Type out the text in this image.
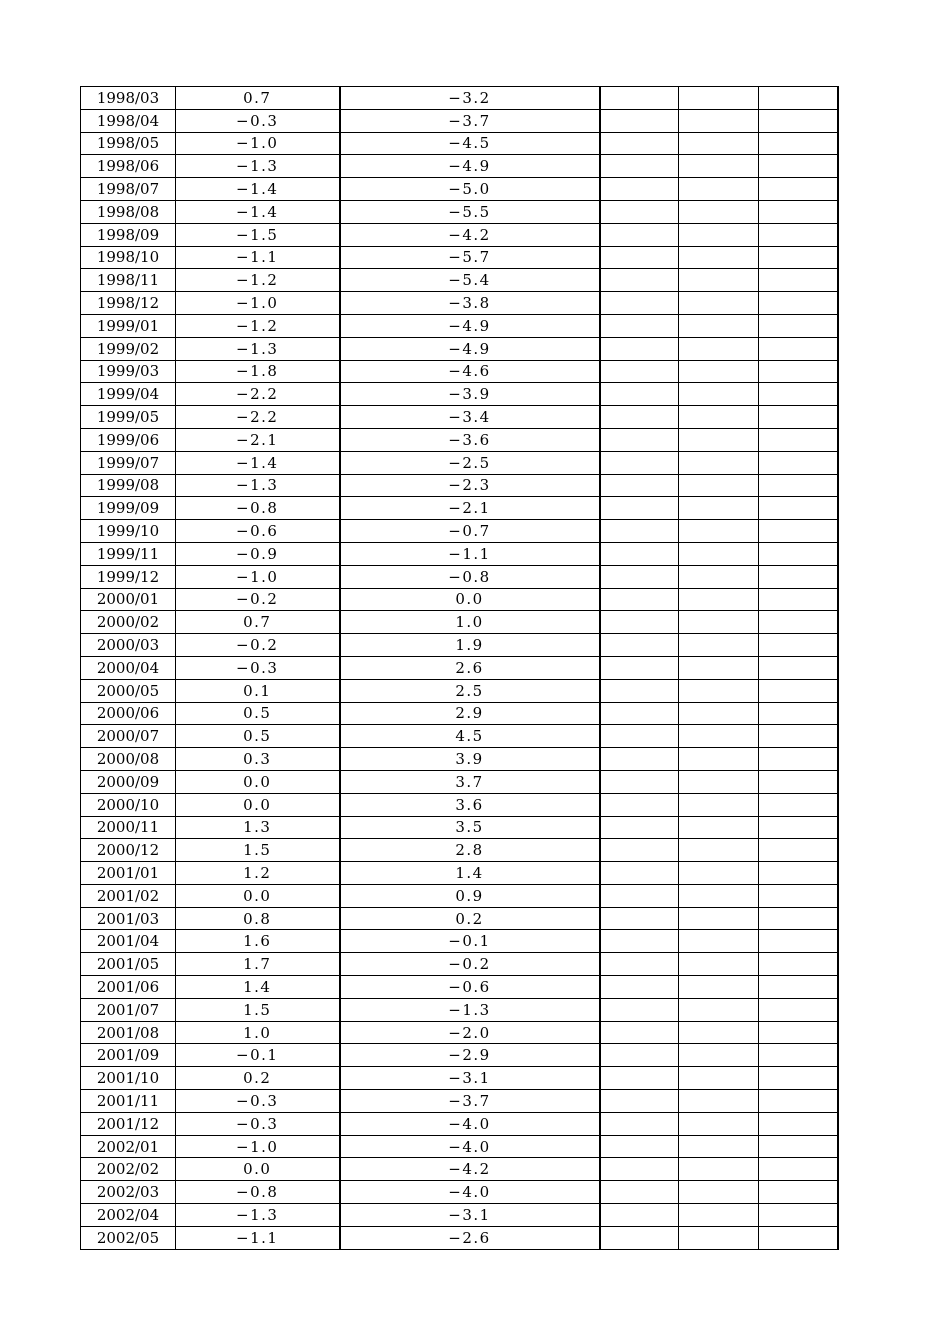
1998/03	0.7	−3.2			
1998/04	−0.3	−3.7			
1998/05	−1.0	−4.5			
1998/06	−1.3	−4.9			
1998/07	−1.4	−5.0			
1998/08	−1.4	−5.5			
1998/09	−1.5	−4.2			
1998/10	−1.1	−5.7			
1998/11	−1.2	−5.4			
1998/12	−1.0	−3.8			
1999/01	−1.2	−4.9			
1999/02	−1.3	−4.9			
1999/03	−1.8	−4.6			
1999/04	−2.2	−3.9			
1999/05	−2.2	−3.4			
1999/06	−2.1	−3.6			
1999/07	−1.4	−2.5			
1999/08	−1.3	−2.3			
1999/09	−0.8	−2.1			
1999/10	−0.6	−0.7			
1999/11	−0.9	−1.1			
1999/12	−1.0	−0.8			
2000/01	−0.2	0.0			
2000/02	0.7	1.0			
2000/03	−0.2	1.9			
2000/04	−0.3	2.6			
2000/05	0.1	2.5			
2000/06	0.5	2.9			
2000/07	0.5	4.5			
2000/08	0.3	3.9			
2000/09	0.0	3.7			
2000/10	0.0	3.6			
2000/11	1.3	3.5			
2000/12	1.5	2.8			
2001/01	1.2	1.4			
2001/02	0.0	0.9			
2001/03	0.8	0.2			
2001/04	1.6	−0.1			
2001/05	1.7	−0.2			
2001/06	1.4	−0.6			
2001/07	1.5	−1.3			
2001/08	1.0	−2.0			
2001/09	−0.1	−2.9			
2001/10	0.2	−3.1			
2001/11	−0.3	−3.7			
2001/12	−0.3	−4.0			
2002/01	−1.0	−4.0			
2002/02	0.0	−4.2			
2002/03	−0.8	−4.0			
2002/04	−1.3	−3.1			
2002/05	−1.1	−2.6			
